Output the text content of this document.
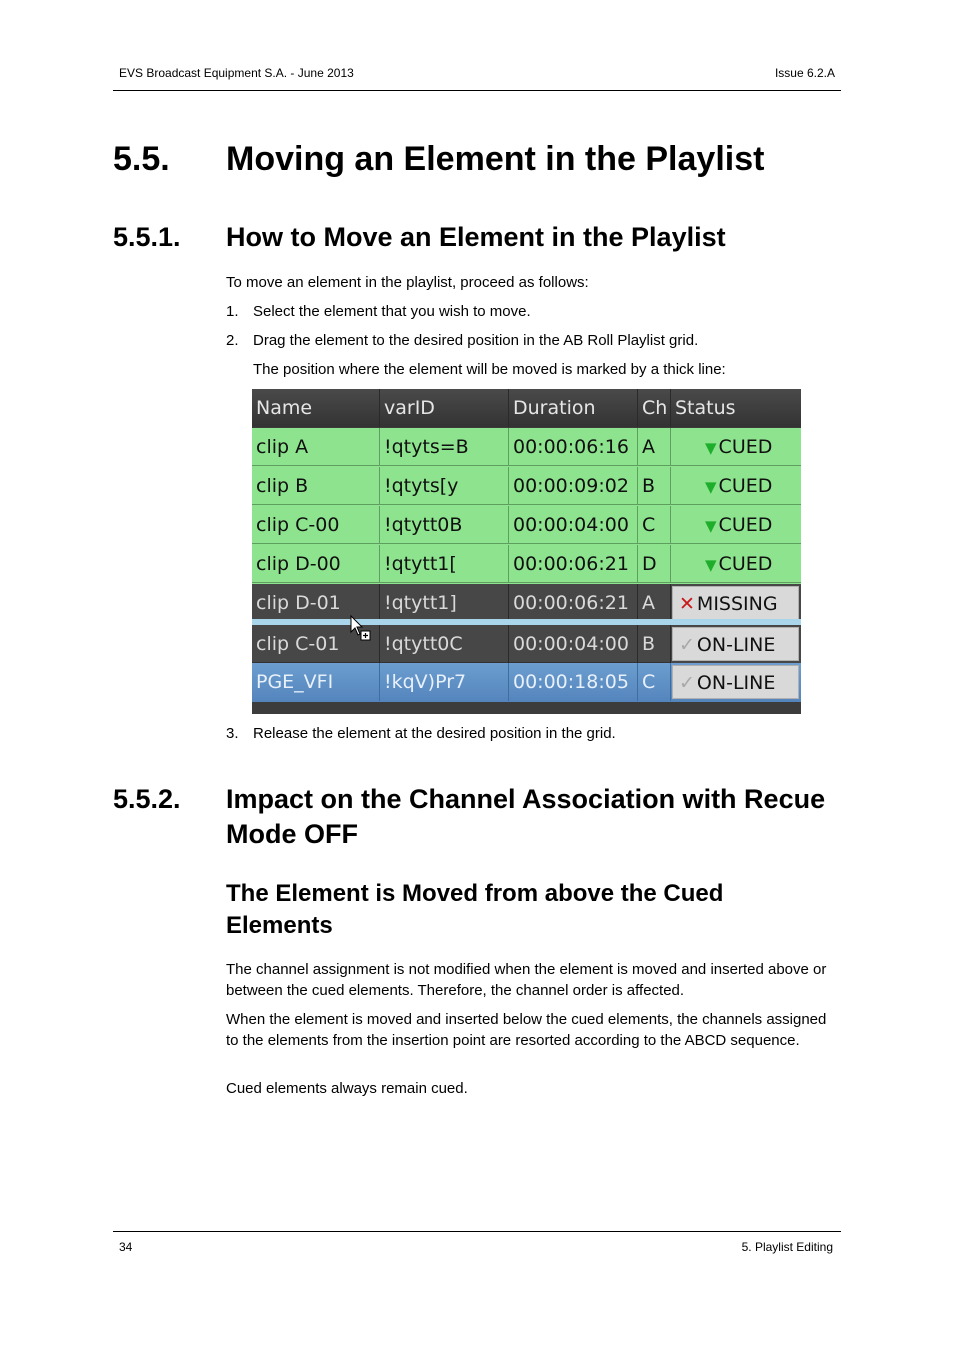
EVS Broadcast Equipment S.A. - June 2013	Issue 6.2.A
5.5. Moving an Element in the Playlist
5.5.1. How to Move an Element in the Playlist
To move an element in the playlist, proceed as follows:
1. Select the element that you wish to move.
2. Drag the element to the desired position in the AB Roll Playlist grid.
The position where the element will be moved is marked by a thick line:
Name	varID	Duration	Ch Status
clip A	!qtyts=B	00:00:06:16 A	▼ CUED
clip B	!qtyts[y	00:00:09:02 B	▼ CUED
clip C-00	!qtytt0B	00:00:04:00 C	▼ CUED
clip D-00	!qtytt1[	00:00:06:21 D	▼ CUED
clip D-01	!qtytt1]	00:00:06:21 A	✕ MISSING
clip C-01	!qtytt0C	00:00:04:00 B	✓ ON-LINE
PGE_VFI	!kqV)Pr7	00:00:18:05 C	✓ ON-LINE
3. Release the element at the desired position in the grid.
5.5.2. Impact on the Channel Association with Recue Mode OFF
The Element is Moved from above the Cued Elements
The channel assignment is not modified when the element is moved and inserted above or between the cued elements. Therefore, the channel order is affected.
When the element is moved and inserted below the cued elements, the channels assigned to the elements from the insertion point are resorted according to the ABCD sequence.
Cued elements always remain cued.
34	5. Playlist Editing
